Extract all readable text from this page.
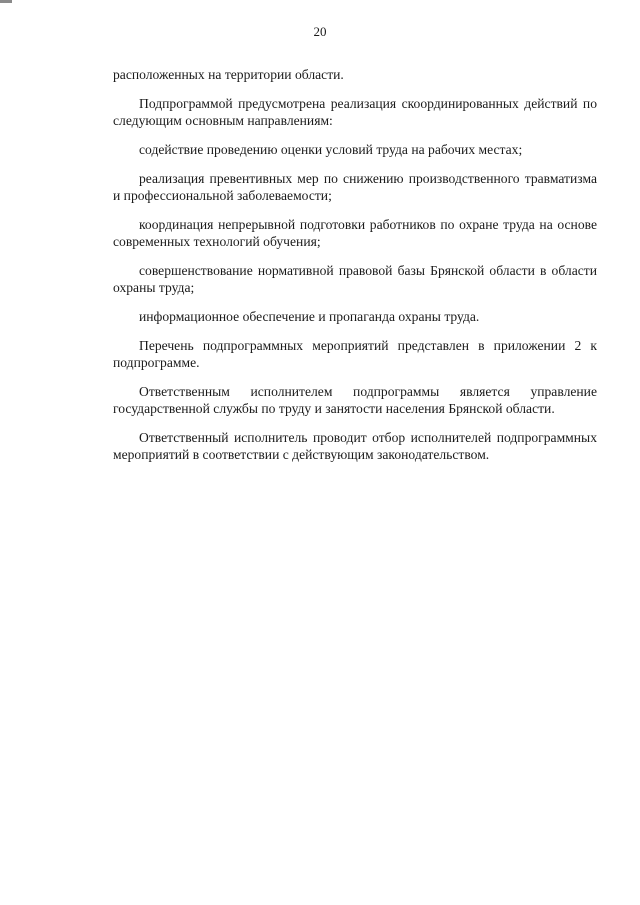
20

расположенных на территории области.

Подпрограммой предусмотрена реализация скоординированных действий по следующим основным направлениям:

содействие проведению оценки условий труда на рабочих местах;

реализация превентивных мер по снижению производственного травматизма и профессиональной заболеваемости;

координация непрерывной подготовки работников по охране труда на основе современных технологий обучения;

совершенствование нормативной правовой базы Брянской области в области охраны труда;

информационное обеспечение и пропаганда охраны труда.

Перечень подпрограммных мероприятий представлен в приложении 2 к подпрограмме.

Ответственным исполнителем подпрограммы является управление государственной службы по труду и занятости населения Брянской области.

Ответственный исполнитель проводит отбор исполнителей подпрограммных мероприятий в соответствии с действующим законодательством.
